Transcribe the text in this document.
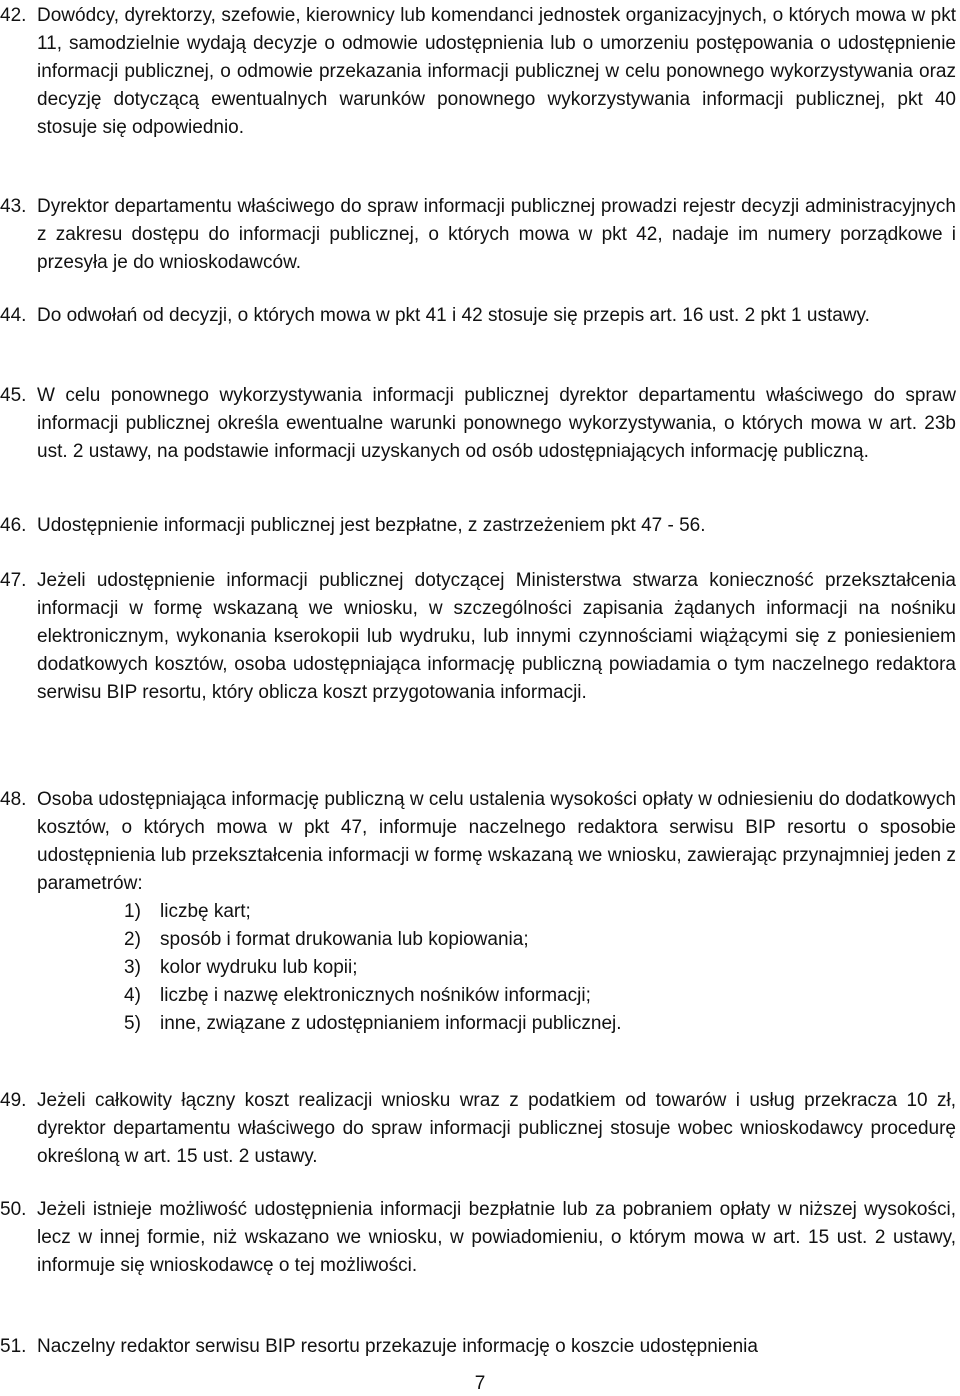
42. Dowódcy, dyrektorzy, szefowie, kierownicy lub komendanci jednostek organizacyjnych, o których mowa w pkt 11, samodzielnie wydają decyzje o odmowie udostępnienia lub o umorzeniu postępowania o udostępnienie informacji publicznej, o odmowie przekazania informacji publicznej w celu ponownego wykorzystywania oraz decyzję dotyczącą ewentualnych warunków ponownego wykorzystywania informacji publicznej, pkt 40 stosuje się odpowiednio.
43. Dyrektor departamentu właściwego do spraw informacji publicznej prowadzi rejestr decyzji administracyjnych z zakresu dostępu do informacji publicznej, o których mowa w pkt 42, nadaje im numery porządkowe i przesyła je do wnioskodawców.
44. Do odwołań od decyzji, o których mowa w pkt 41 i 42 stosuje się przepis art. 16 ust. 2 pkt 1 ustawy.
45. W celu ponownego wykorzystywania informacji publicznej dyrektor departamentu właściwego do spraw informacji publicznej określa ewentualne warunki ponownego wykorzystywania, o których mowa w art. 23b ust. 2 ustawy, na podstawie informacji uzyskanych od osób udostępniających informację publiczną.
46. Udostępnienie informacji publicznej jest bezpłatne, z zastrzeżeniem pkt 47 - 56.
47. Jeżeli udostępnienie informacji publicznej dotyczącej Ministerstwa stwarza konieczność przekształcenia informacji w formę wskazaną we wniosku, w szczególności zapisania żądanych informacji na nośniku elektronicznym, wykonania kserokopii lub wydruku, lub innymi czynnościami wiążącymi się z poniesieniem dodatkowych kosztów, osoba udostępniająca informację publiczną powiadamia o tym naczelnego redaktora serwisu BIP resortu, który oblicza koszt przygotowania informacji.
48. Osoba udostępniająca informację publiczną w celu ustalenia wysokości opłaty w odniesieniu do dodatkowych kosztów, o których mowa w pkt 47, informuje naczelnego redaktora serwisu BIP resortu o sposobie udostępnienia lub przekształcenia informacji w formę wskazaną we wniosku, zawierając przynajmniej jeden z parametrów:
1) liczbę kart;
2) sposób i format drukowania lub kopiowania;
3) kolor wydruku lub kopii;
4) liczbę i nazwę elektronicznych nośników informacji;
5) inne, związane z udostępnianiem informacji publicznej.
49. Jeżeli całkowity łączny koszt realizacji wniosku wraz z podatkiem od towarów i usług przekracza 10 zł, dyrektor departamentu właściwego do spraw informacji publicznej stosuje wobec wnioskodawcy procedurę określoną w art. 15 ust. 2 ustawy.
50. Jeżeli istnieje możliwość udostępnienia informacji bezpłatnie lub za pobraniem opłaty w niższej wysokości, lecz w innej formie, niż wskazano we wniosku, w powiadomieniu, o którym mowa w art. 15 ust. 2 ustawy, informuje się wnioskodawcę o tej możliwości.
51. Naczelny redaktor serwisu BIP resortu przekazuje informację o koszcie udostępnienia
7
